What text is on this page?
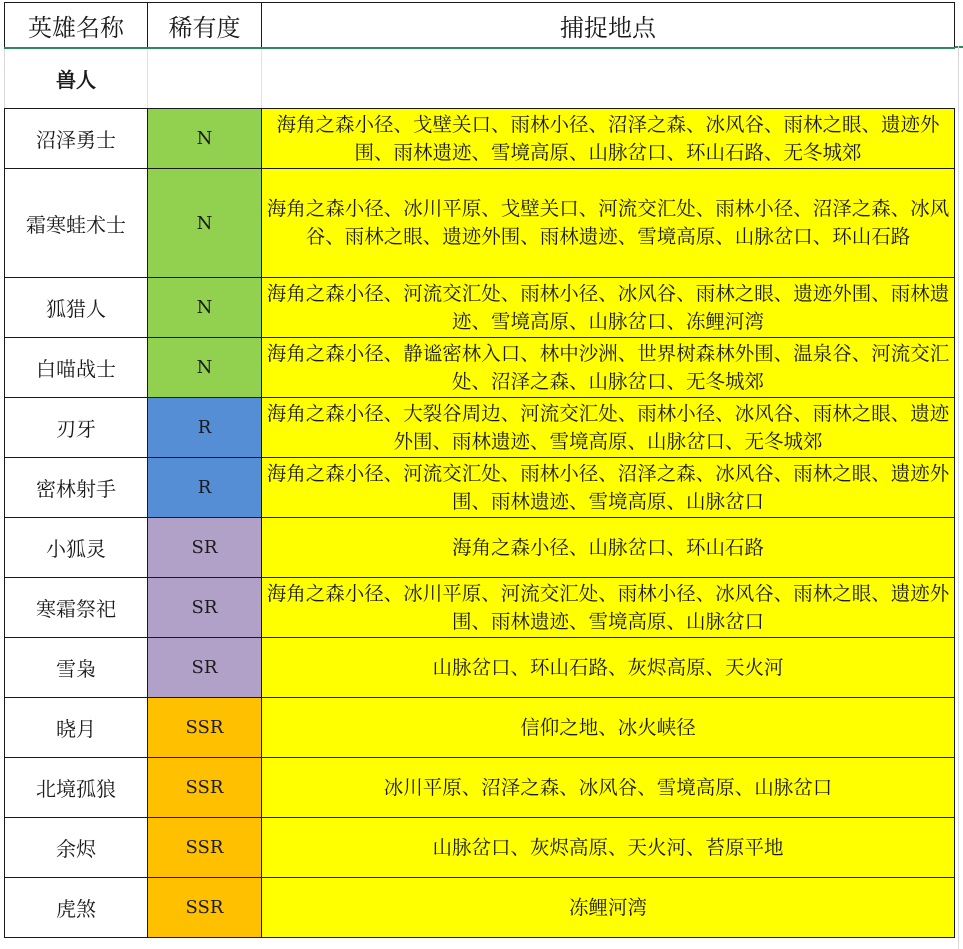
英雄名称	稀有度	捕捉地点
兽人		
沼泽勇士	N	海角之森小径、戈壁关口、雨林小径、沼泽之森、冰风谷、雨林之眼、遗迹外围、雨林遗迹、雪境高原、山脉岔口、环山石路、无冬城郊
霜寒蛙术士	N	海角之森小径、冰川平原、戈壁关口、河流交汇处、雨林小径、沼泽之森、冰风谷、雨林之眼、遗迹外围、雨林遗迹、雪境高原、山脉岔口、环山石路
狐猎人	N	海角之森小径、河流交汇处、雨林小径、冰风谷、雨林之眼、遗迹外围、雨林遗迹、雪境高原、山脉岔口、冻鲤河湾
白喵战士	N	海角之森小径、静谧密林入口、林中沙洲、世界树森林外围、温泉谷、河流交汇处、沼泽之森、山脉岔口、无冬城郊
刃牙	R	海角之森小径、大裂谷周边、河流交汇处、雨林小径、冰风谷、雨林之眼、遗迹外围、雨林遗迹、雪境高原、山脉岔口、无冬城郊
密林射手	R	海角之森小径、河流交汇处、雨林小径、沼泽之森、冰风谷、雨林之眼、遗迹外围、雨林遗迹、雪境高原、山脉岔口
小狐灵	SR	海角之森小径、山脉岔口、环山石路
寒霜祭祀	SR	海角之森小径、冰川平原、河流交汇处、雨林小径、冰风谷、雨林之眼、遗迹外围、雨林遗迹、雪境高原、山脉岔口
雪枭	SR	山脉岔口、环山石路、灰烬高原、天火河
晓月	SSR	信仰之地、冰火峡径
北境孤狼	SSR	冰川平原、沼泽之森、冰风谷、雪境高原、山脉岔口
余烬	SSR	山脉岔口、灰烬高原、天火河、苔原平地
虎煞	SSR	冻鲤河湾
